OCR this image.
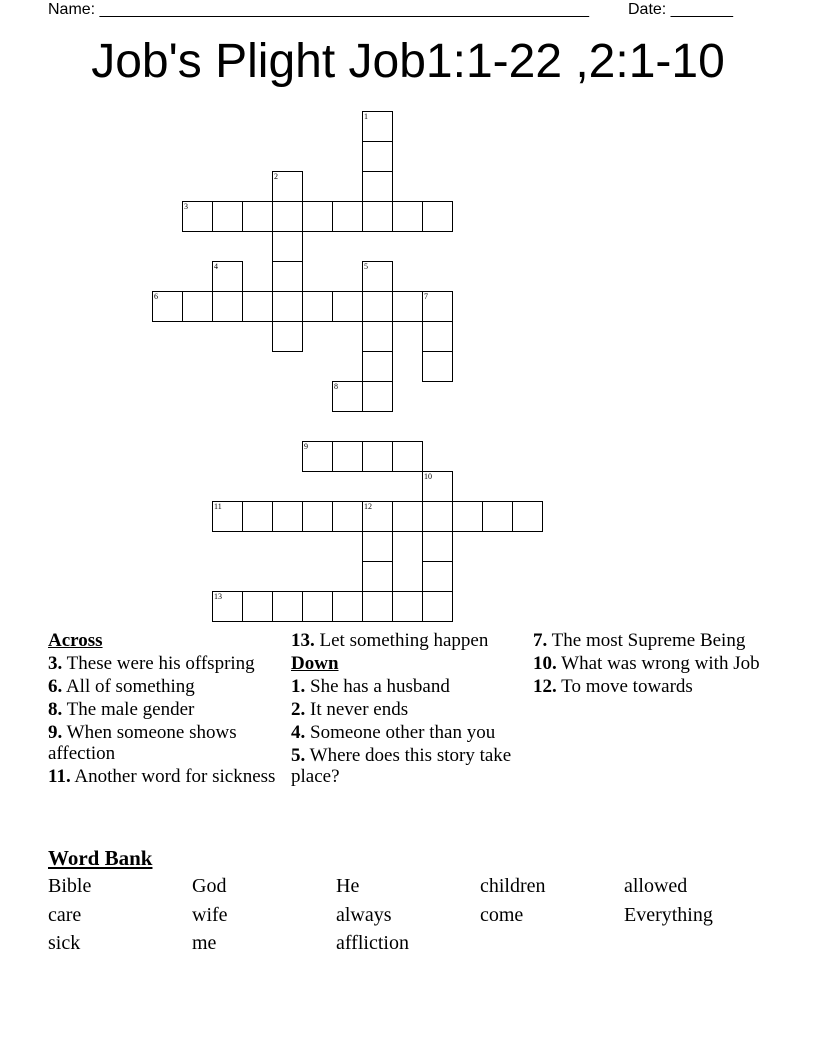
Name: _______________________________________________________ Date: _______
Job's Plight Job1:1-22 ,2:1-10
1
5
2
3
4
6	7
8
9
10
11	12
13
Across
3. These were his offspring
6. All of something
8. The male gender
9. When someone shows affection
11. Another word for sickness
13. Let something happen
Down
1. She has a husband
2. It never ends
4. Someone other than you
5. Where does this story take place?
7. The most Supreme Being
10. What was wrong with Job
12. To move towards
Word Bank
Bible	God	He	children	allowed
care	wife	always	come	Everything
sick	me	affliction
